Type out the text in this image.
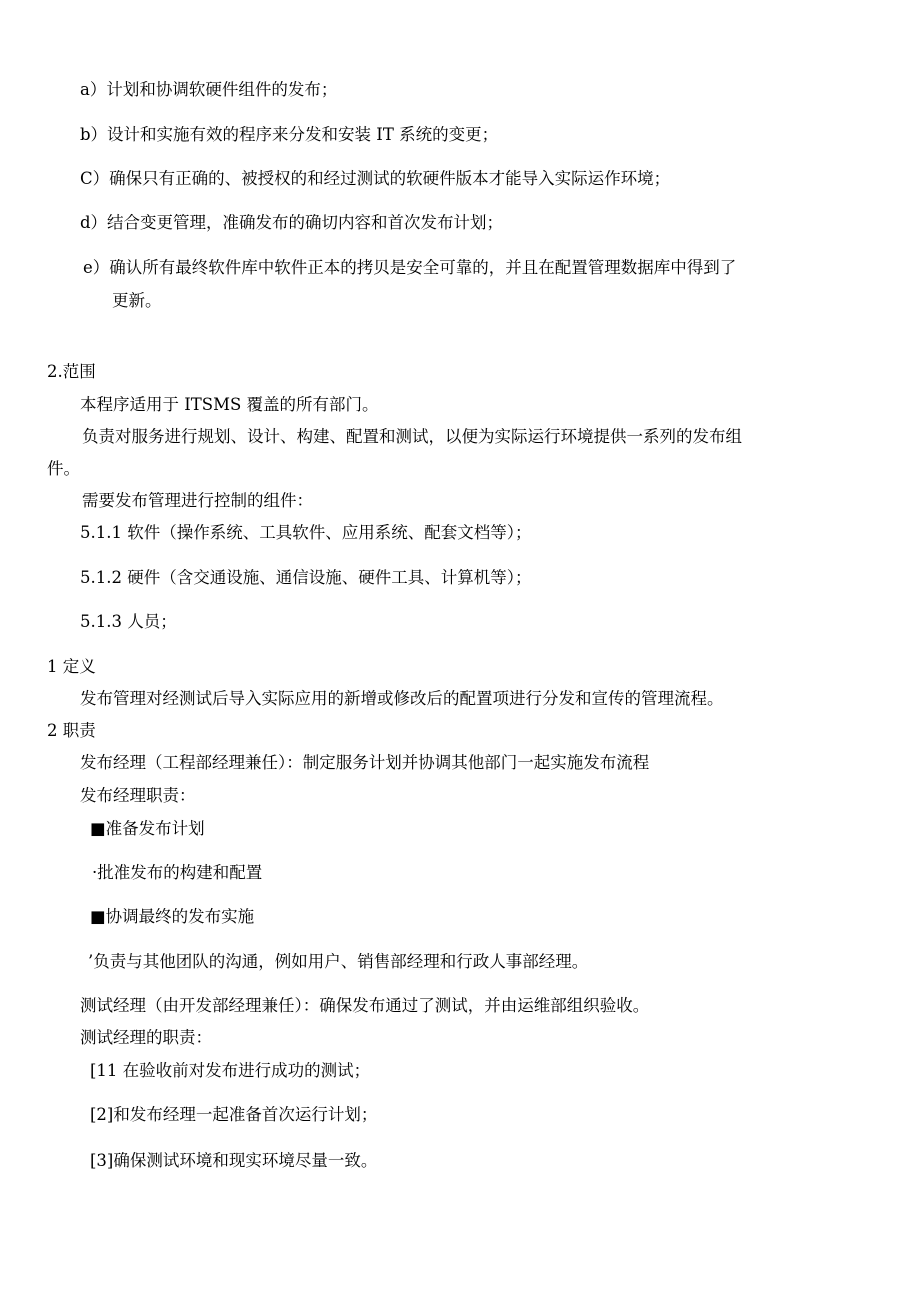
a）计划和协调软硬件组件的发布；
b）设计和实施有效的程序来分发和安装 IT 系统的变更；
C）确保只有正确的、被授权的和经过测试的软硬件版本才能导入实际运作环境；
d）结合变更管理，准确发布的确切内容和首次发布计划；
e）确认所有最终软件库中软件正本的拷贝是安全可靠的，并且在配置管理数据库中得到了
更新。
2.范围
本程序适用于 ITSMS 覆盖的所有部门。
负责对服务进行规划、设计、构建、配置和测试，以便为实际运行环境提供一系列的发布组
件。
需要发布管理进行控制的组件：
5.1.1 软件（操作系统、工具软件、应用系统、配套文档等）；
5.1.2 硬件（含交通设施、通信设施、硬件工具、计算机等）；
5.1.3 人员；
1 定义
发布管理对经测试后导入实际应用的新增或修改后的配置项进行分发和宣传的管理流程。
2 职责
发布经理（工程部经理兼任）：制定服务计划并协调其他部门一起实施发布流程
发布经理职责：
■准备发布计划
·批准发布的构建和配置
■协调最终的发布实施
’负责与其他团队的沟通，例如用户、销售部经理和行政人事部经理。
测试经理（由开发部经理兼任）：确保发布通过了测试，并由运维部组织验收。
测试经理的职责：
[11 在验收前对发布进行成功的测试；
[2]和发布经理一起准备首次运行计划；
[3]确保测试环境和现实环境尽量一致。
